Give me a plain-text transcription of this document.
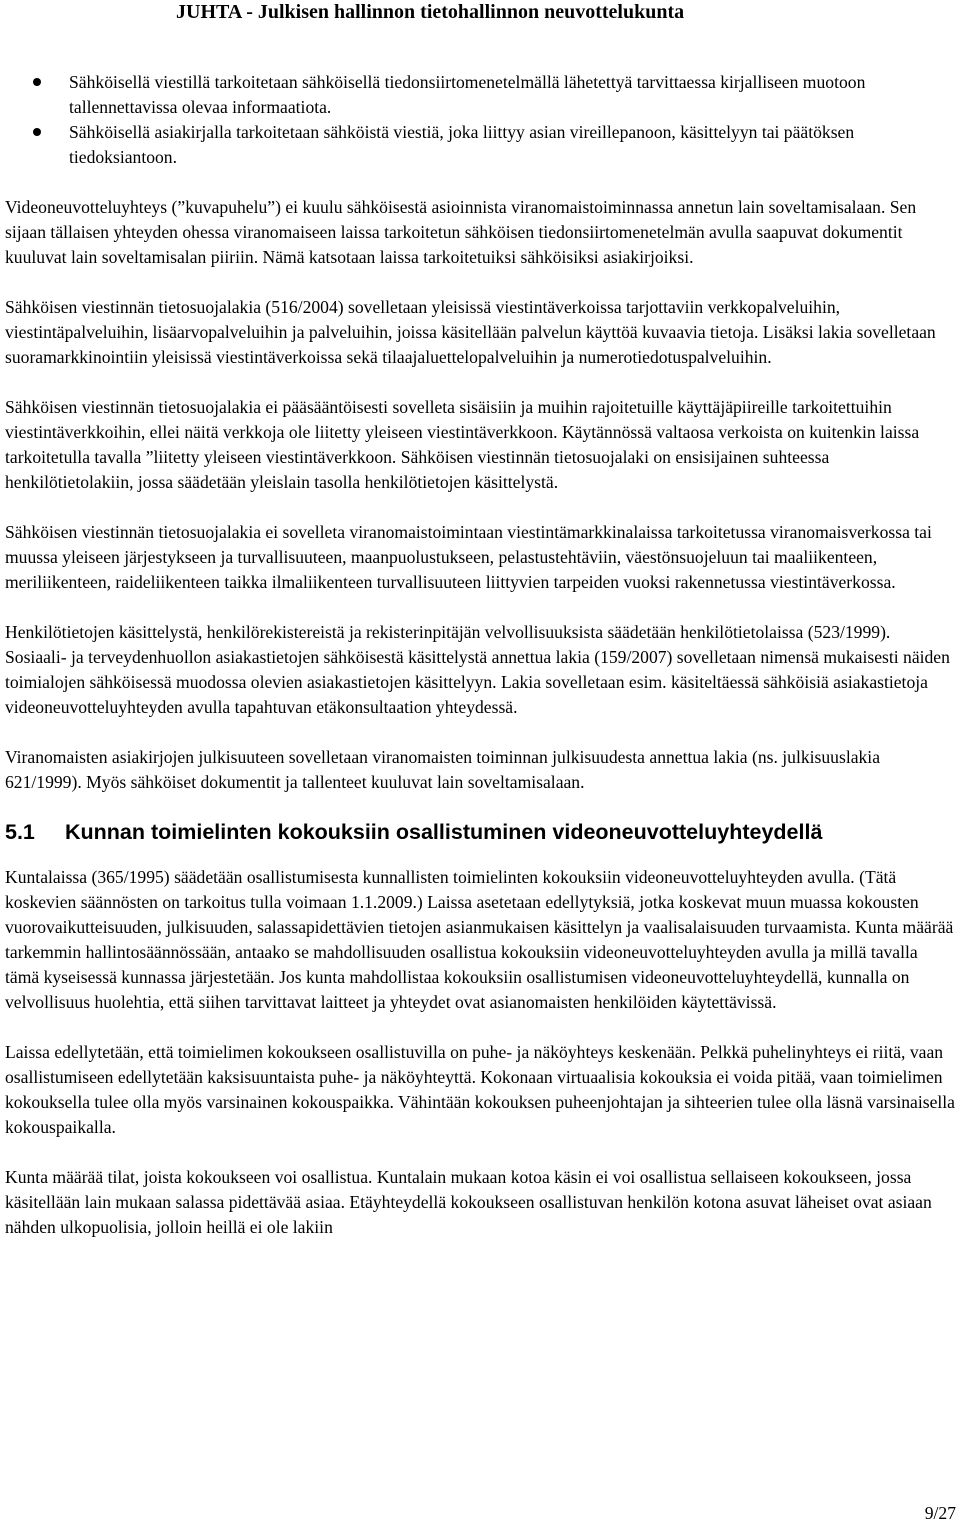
JUHTA - Julkisen hallinnon tietohallinnon neuvottelukunta
Sähköisellä viestillä tarkoitetaan sähköisellä tiedonsiirtomenetelmällä lähetettyä tarvittaessa kirjalliseen muotoon tallennettavissa olevaa informaatiota.
Sähköisellä asiakirjalla tarkoitetaan sähköistä viestiä, joka liittyy asian vireillepanoon, käsittelyyn tai päätöksen tiedoksiantoon.

Videoneuvotteluyhteys (”kuvapuhelu”) ei kuulu sähköisestä asioinnista viranomaistoiminnassa annetun lain soveltamisalaan. Sen sijaan tällaisen yhteyden ohessa viranomaiseen laissa tarkoitetun sähköisen tiedonsiirtomenetelmän avulla saapuvat dokumentit kuuluvat lain soveltamisalan piiriin. Nämä katsotaan laissa tarkoitetuiksi sähköisiksi asiakirjoiksi.

Sähköisen viestinnän tietosuojalakia (516/2004) sovelletaan yleisissä viestintäverkoissa tarjottaviin verkkopalveluihin, viestintäpalveluihin, lisäarvopalveluihin ja palveluihin, joissa käsitellään palvelun käyttöä kuvaavia tietoja. Lisäksi lakia sovelletaan suoramarkkinointiin yleisissä viestintäverkoissa sekä tilaajaluettelopalveluihin ja numerotiedotuspalveluihin.

Sähköisen viestinnän tietosuojalakia ei pääsääntöisesti sovelleta sisäisiin ja muihin rajoitetuille käyttäjäpiireille tarkoitettuihin viestintäverkkoihin, ellei näitä verkkoja ole liitetty yleiseen viestintäverkkoon. Käytännössä valtaosa verkoista on kuitenkin laissa tarkoitetulla tavalla ”liitetty yleiseen viestintäverkkoon. Sähköisen viestinnän tietosuojalaki on ensisijainen suhteessa henkilötietolakiin, jossa säädetään yleislain tasolla henkilötietojen käsittelystä.

Sähköisen viestinnän tietosuojalakia ei sovelleta viranomaistoimintaan viestintämarkkinalaissa tarkoitetussa viranomaisverkossa tai muussa yleiseen järjestykseen ja turvallisuuteen, maanpuolustukseen, pelastustehtäviin, väestönsuojeluun tai maaliikenteen, meriliikenteen, raideliikenteen taikka ilmaliikenteen turvallisuuteen liittyvien tarpeiden vuoksi rakennetussa viestintäverkossa.

Henkilötietojen käsittelystä, henkilörekistereistä ja rekisterinpitäjän velvollisuuksista säädetään henkilötietolaissa (523/1999). Sosiaali- ja terveydenhuollon asiakastietojen sähköisestä käsittelystä annettua lakia (159/2007) sovelletaan nimensä mukaisesti näiden toimialojen sähköisessä muodossa olevien asiakastietojen käsittelyyn. Lakia sovelletaan esim. käsiteltäessä sähköisiä asiakastietoja videoneuvotteluyhteyden avulla tapahtuvan etäkonsultaation yhteydessä.

Viranomaisten asiakirjojen julkisuuteen sovelletaan viranomaisten toiminnan julkisuudesta annettua lakia (ns. julkisuuslakia 621/1999). Myös sähköiset dokumentit ja tallenteet kuuluvat lain soveltamisalaan.

5.1 Kunnan toimielinten kokouksiin osallistuminen videoneuvotteluyhteydellä

Kuntalaissa (365/1995) säädetään osallistumisesta kunnallisten toimielinten kokouksiin videoneuvotteluyhteyden avulla. (Tätä koskevien säännösten on tarkoitus tulla voimaan 1.1.2009.) Laissa asetetaan edellytyksiä, jotka koskevat muun muassa kokousten vuorovaikutteisuuden, julkisuuden, salassapidettävien tietojen asianmukaisen käsittelyn ja vaalisalaisuuden turvaamista. Kunta määrää tarkemmin hallintosäännössään, antaako se mahdollisuuden osallistua kokouksiin videoneuvotteluyhteyden avulla ja millä tavalla tämä kyseisessä kunnassa järjestetään. Jos kunta mahdollistaa kokouksiin osallistumisen videoneuvotteluyhteydellä, kunnalla on velvollisuus huolehtia, että siihen tarvittavat laitteet ja yhteydet ovat asianomaisten henkilöiden käytettävissä.

Laissa edellytetään, että toimielimen kokoukseen osallistuvilla on puhe- ja näköyhteys keskenään. Pelkkä puhelinyhteys ei riitä, vaan osallistumiseen edellytetään kaksisuuntaista puhe- ja näköyhteyttä. Kokonaan virtuaalisia kokouksia ei voida pitää, vaan toimielimen kokouksella tulee olla myös varsinainen kokouspaikka. Vähintään kokouksen puheenjohtajan ja sihteerien tulee olla läsnä varsinaisella kokouspaikalla.

Kunta määrää tilat, joista kokoukseen voi osallistua. Kuntalain mukaan kotoa käsin ei voi osallistua sellaiseen kokoukseen, jossa käsitellään lain mukaan salassa pidettävää asiaa. Etäyhteydellä kokoukseen osallistuvan henkilön kotona asuvat läheiset ovat asiaan nähden ulkopuolisia, jolloin heillä ei ole lakiin

9/27
